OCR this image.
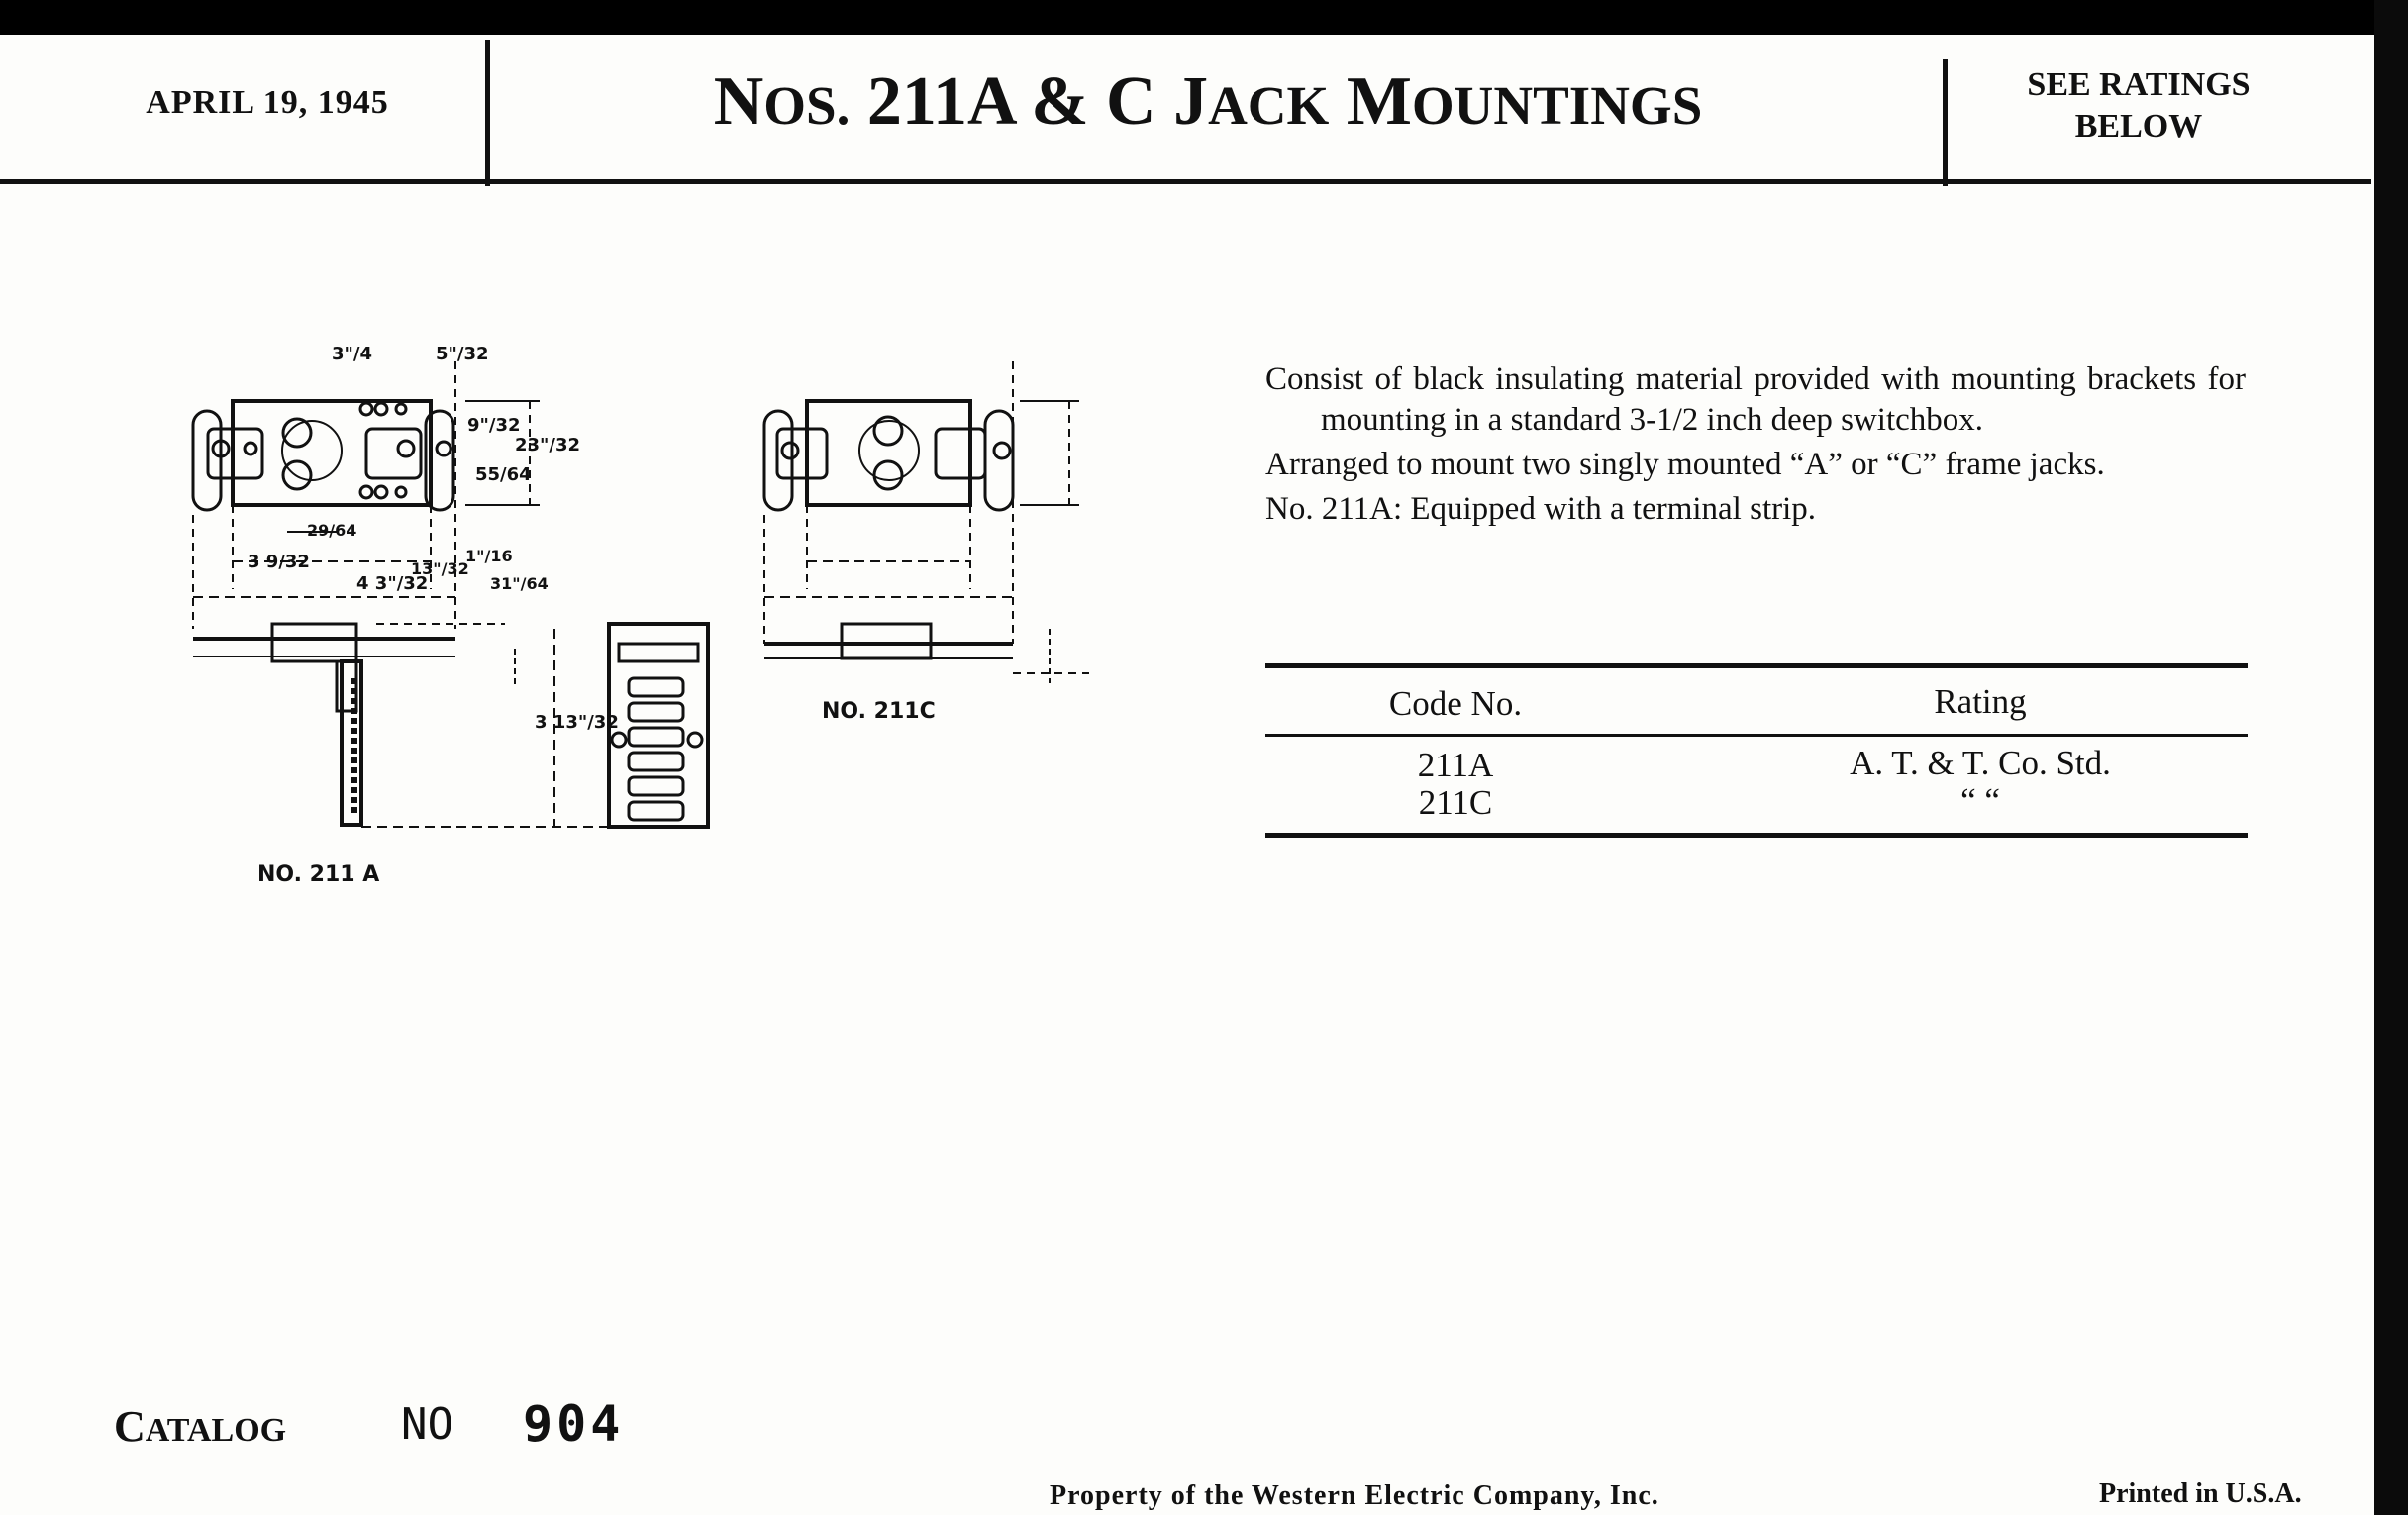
APRIL 19, 1945	NOS. 211A & C JACK MOUNTINGS	SEE RATINGS
BELOW
3"/4	5"/32
9"/32
23"/32
55/64
29/64
3 9/32
4 3"/32
13"/32
1"/16
31"/64
3 13"/32
NO. 211 A
NO. 211C

Consist of black insulating material provided with mounting brackets for mounting in a standard 3-1/2 inch deep switchbox.

Arranged to mount two singly mounted “A” or “C” frame jacks.

No. 211A: Equipped with a terminal strip.

Code No.	Rating
211A	A. T. & T. Co. Std.
211C	“ “
CATALOG	NO 904
Property of the Western Electric Company, Inc.	Printed in U.S.A.
